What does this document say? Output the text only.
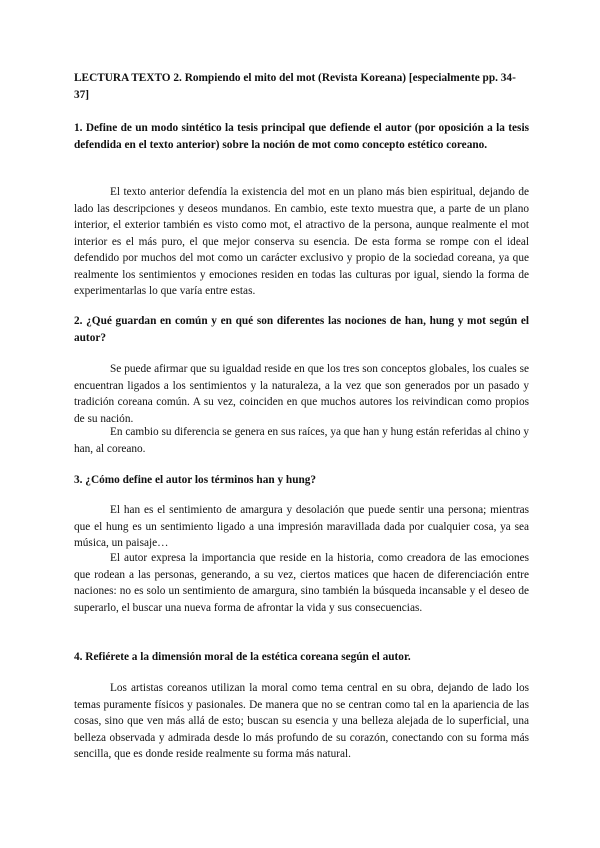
LECTURA TEXTO 2. Rompiendo el mito del mot (Revista Koreana) [especialmente pp. 34-37]
1. Define de un modo sintético la tesis principal que defiende el autor (por oposición a la tesis defendida en el texto anterior) sobre la noción de mot como concepto estético coreano.
El texto anterior defendía la existencia del mot en un plano más bien espiritual, dejando de lado las descripciones y deseos mundanos. En cambio, este texto muestra que, a parte de un plano interior, el exterior también es visto como mot, el atractivo de la persona, aunque realmente el mot interior es el más puro, el que mejor conserva su esencia. De esta forma se rompe con el ideal defendido por muchos del mot como un carácter exclusivo y propio de la sociedad coreana, ya que realmente los sentimientos y emociones residen en todas las culturas por igual, siendo la forma de experimentarlas lo que varía entre estas.
2. ¿Qué guardan en común y en qué son diferentes las nociones de han, hung y mot según el autor?
Se puede afirmar que su igualdad reside en que los tres son conceptos globales, los cuales se encuentran ligados a los sentimientos y la naturaleza, a la vez que son generados por un pasado y tradición coreana común. A su vez, coinciden en que muchos autores los reivindican como propios de su nación.
En cambio su diferencia se genera en sus raíces, ya que han y hung están referidas al chino y han, al coreano.
3. ¿Cómo define el autor los términos han y hung?
El han es el sentimiento de amargura y desolación que puede sentir una persona; mientras que el hung es un sentimiento ligado a una impresión maravillada dada por cualquier cosa, ya sea música, un paisaje…
El autor expresa la importancia que reside en la historia, como creadora de las emociones que rodean a las personas, generando, a su vez, ciertos matices que hacen de diferenciación entre naciones: no es solo un sentimiento de amargura, sino también la búsqueda incansable y el deseo de superarlo, el buscar una nueva forma de afrontar la vida y sus consecuencias.
4. Refiérete a la dimensión moral de la estética coreana según el autor.
Los artistas coreanos utilizan la moral como tema central en su obra, dejando de lado los temas puramente físicos y pasionales. De manera que no se centran como tal en la apariencia de las cosas, sino que ven más allá de esto; buscan su esencia y una belleza alejada de lo superficial, una belleza observada y admirada desde lo más profundo de su corazón, conectando con su forma más sencilla, que es donde reside realmente su forma más natural.
